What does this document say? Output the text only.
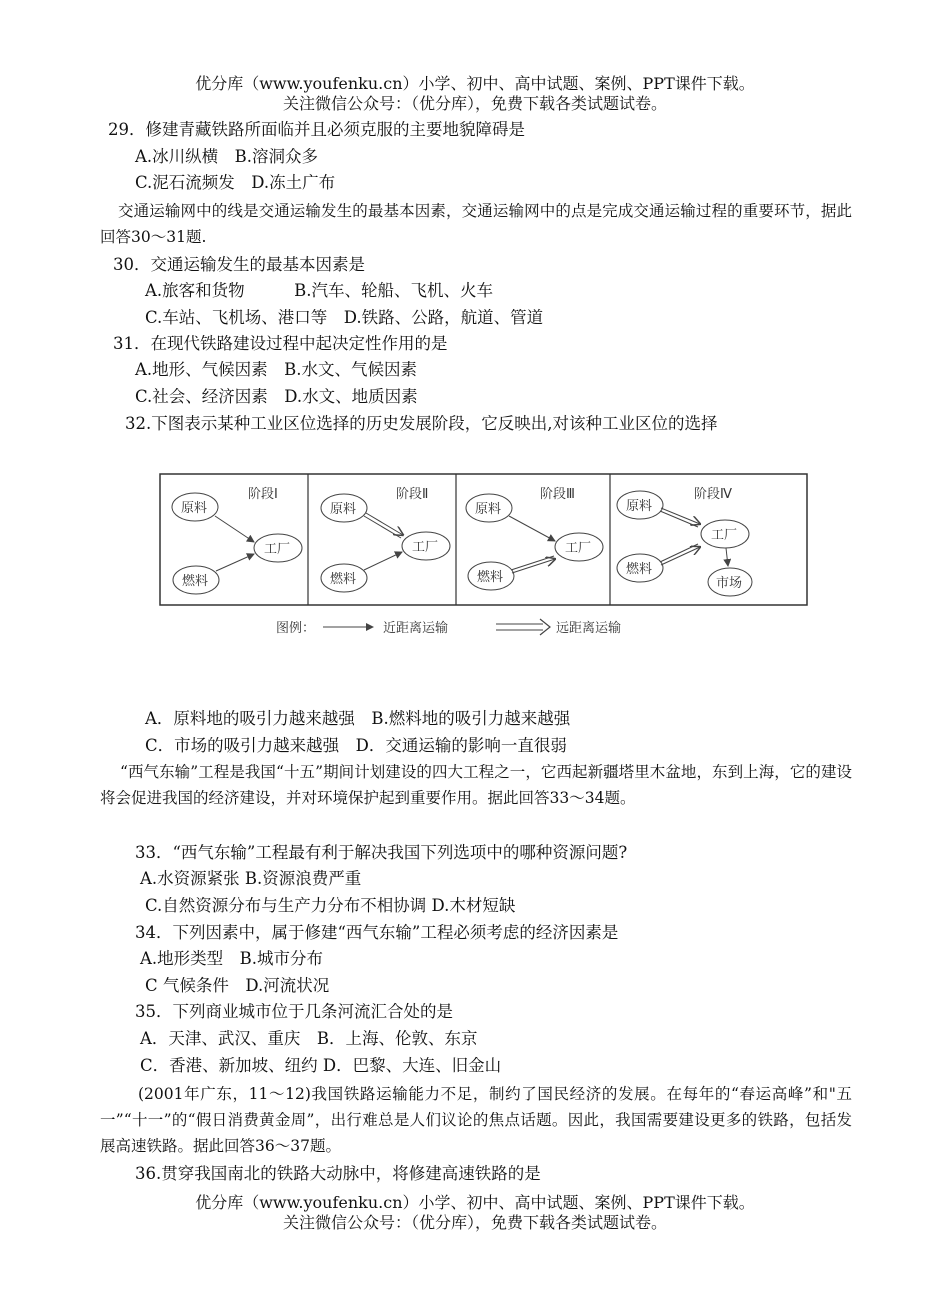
优分库（www.youfenku.cn）小学、初中、高中试题、案例、PPT课件下载。
关注微信公众号：（优分库），免费下载各类试题试卷。
29．修建青藏铁路所面临并且必须克服的主要地貌障碍是
A.冰川纵横　B.溶洞众多
C.泥石流频发　D.冻土广布
交通运输网中的线是交通运输发生的最基本因素，交通运输网中的点是完成交通运输过程的重要环节，据此回答30～31题.
30．交通运输发生的最基本因素是
A.旅客和货物　　　B.汽车、轮船、飞机、火车
C.车站、飞机场、港口等　D.铁路、公路，航道、管道
31．在现代铁路建设过程中起决定性作用的是
A.地形、气候因素　B.水文、气候因素
C.社会、经济因素　D.水文、地质因素
32.下图表示某种工业区位选择的历史发展阶段，它反映出,对该种工业区位的选择
阶段Ⅰ
原料
燃料
工厂
阶段Ⅱ
原料
燃料
工厂
阶段Ⅲ
原料
燃料
工厂
阶段Ⅳ
原料
燃料
工厂
市场
图例：	近距离运输	远距离运输
A．原料地的吸引力越来越强　B.燃料地的吸引力越来越强
C．市场的吸引力越来越强　D．交通运输的影响一直很弱
“西气东输”工程是我国“十五”期间计划建设的四大工程之一，它西起新疆塔里木盆地，东到上海，它的建设将会促进我国的经济建设，并对环境保护起到重要作用。据此回答33～34题。
33．“西气东输”工程最有利于解决我国下列选项中的哪种资源问题?
A.水资源紧张 B.资源浪费严重
C.自然资源分布与生产力分布不相协调 D.木材短缺
34．下列因素中，属于修建“西气东输”工程必须考虑的经济因素是
A.地形类型　B.城市分布
C 气候条件　D.河流状况
35．下列商业城市位于几条河流汇合处的是
A．天津、武汉、重庆　B．上海、伦敦、东京
C．香港、新加坡、纽约 D．巴黎、大连、旧金山
(2001年广东，11～12)我国铁路运输能力不足，制约了国民经济的发展。在每年的“春运高峰”和"五一”“十一”的“假日消费黄金周”，出行难总是人们议论的焦点话题。因此，我国需要建设更多的铁路，包括发展高速铁路。据此回答36～37题。
36.贯穿我国南北的铁路大动脉中，将修建高速铁路的是
优分库（www.youfenku.cn）小学、初中、高中试题、案例、PPT课件下载。
关注微信公众号：（优分库），免费下载各类试题试卷。
